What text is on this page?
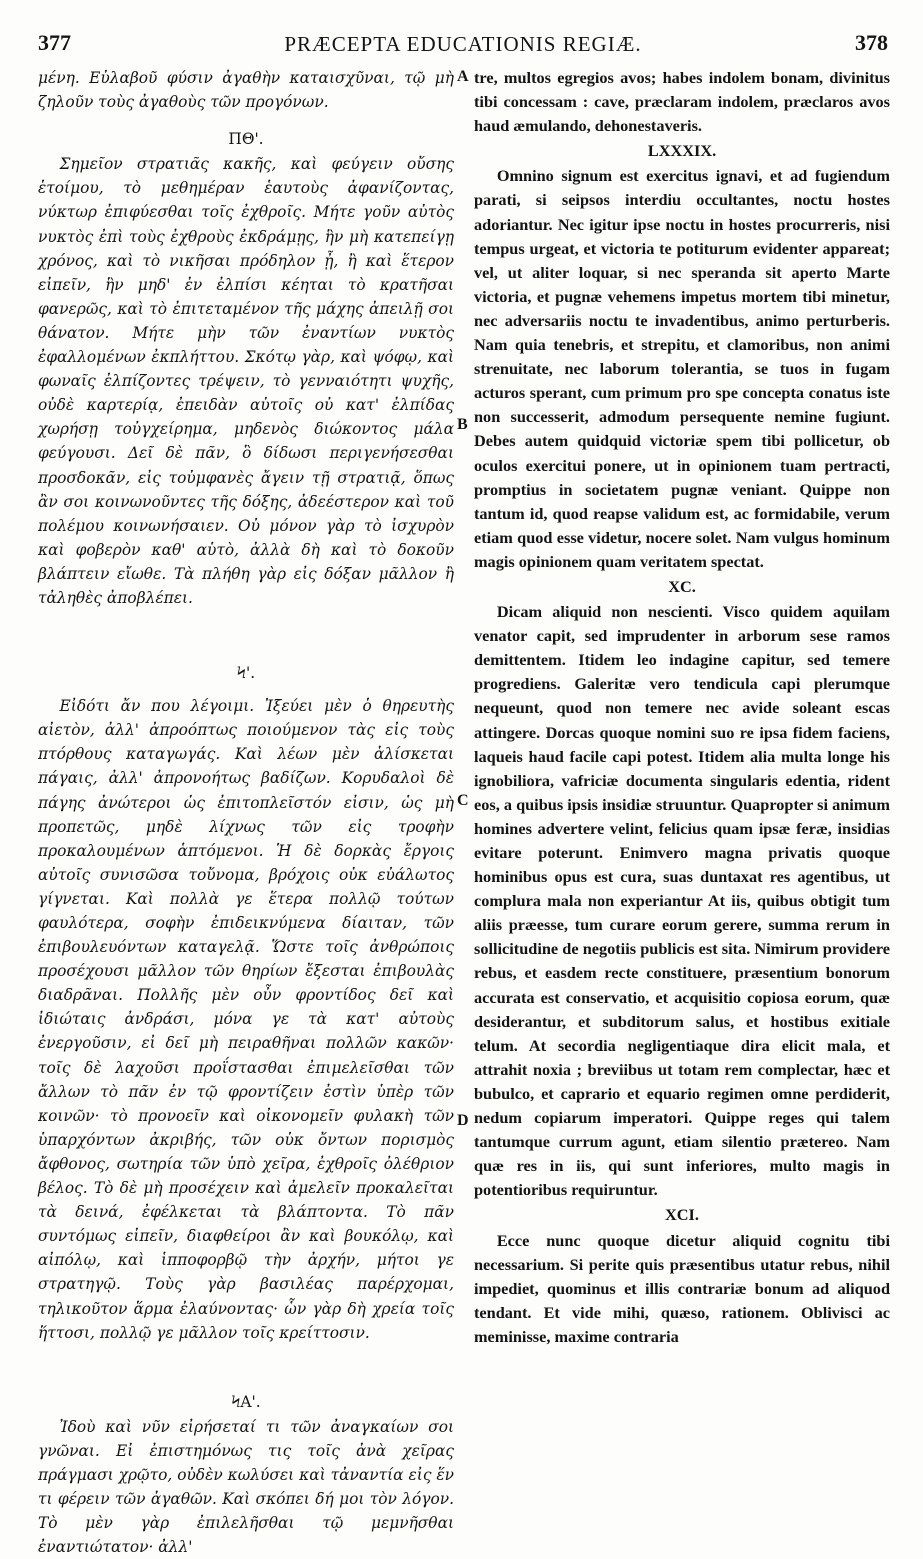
377	PRÆCEPTA EDUCATIONIS REGIÆ.	378

μένη. Εὐλαβοῦ φύσιν ἀγαθὴν καταισχῦναι, τῷ μὴ ζηλοῦν τοὺς ἀγαθοὺς τῶν προγόνων.

ΠΘ'.

Σημεῖον στρατιᾶς κακῆς, καὶ φεύγειν οὔσης ἑτοίμου, τὸ μεθημέραν ἑαυτοὺς ἀφανίζοντας, νύκτωρ ἐπιφύεσθαι τοῖς ἐχθροῖς. Μήτε γοῦν αὐτὸς νυκτὸς ἐπὶ τοὺς ἐχθροὺς ἐκδράμῃς, ἣν μὴ κατεπείγῃ χρόνος, καὶ τὸ νικῆσαι πρόδηλον ᾖ, ἢ καὶ ἕτερον εἰπεῖν, ἣν μηδ' ἐν ἐλπίσι κέηται τὸ κρατῆσαι φανερῶς, καὶ τὸ ἐπιτεταμένον τῆς μάχης ἀπειλῇ σοι θάνατον. Μήτε μὴν τῶν ἐναντίων νυκτὸς ἐφαλλομένων ἐκπλήττου. Σκότῳ γὰρ, καὶ ψόφῳ, καὶ φωναῖς ἐλπίζοντες τρέψειν, τὸ γενναιότητι ψυχῆς, οὐδὲ καρτερίᾳ, ἐπειδὰν αὐτοῖς οὐ κατ' ἐλπίδας χωρήσῃ τοὐγχείρημα, μηδενὸς διώκοντος μάλα φεύγουσι. Δεῖ δὲ πᾶν, ὃ δίδωσι περιγενήσεσθαι προσδοκᾶν, εἰς τοὐμφανὲς ἄγειν τῇ στρατιᾷ, ὅπως ἂν σοι κοινωνοῦντες τῆς δόξης, ἀδεέστερον καὶ τοῦ πολέμου κοινωνήσαιεν. Οὐ μόνον γὰρ τὸ ἰσχυρὸν καὶ φοβερὸν καθ' αὑτὸ, ἀλλὰ δὴ καὶ τὸ δοκοῦν βλάπτειν εἴωθε. Τὰ πλήθη γὰρ εἰς δόξαν μᾶλλον ἢ τἀληθὲς ἀποβλέπει.

Ϟ'.

Εἰδότι ἄν που λέγοιμι. Ἰξεύει μὲν ὁ θηρευτὴς αἰετὸν, ἀλλ' ἀπροόπτως ποιούμενον τὰς εἰς τοὺς πτόρθους καταγωγάς. Καὶ λέων μὲν ἁλίσκεται πάγαις, ἀλλ' ἀπρονοήτως βαδίζων. Κορυδαλοὶ δὲ πάγης ἀνώτεροι ὡς ἐπιτοπλεῖστόν εἰσιν, ὡς μὴ προπετῶς, μηδὲ λίχνως τῶν εἰς τροφὴν προκαλουμένων ἁπτόμενοι. Ἡ δὲ δορκὰς ἔργοις αὐτοῖς συνισῶσα τοὔνομα, βρόχοις οὐκ εὐάλωτος γίγνεται. Καὶ πολλὰ γε ἕτερα πολλῷ τούτων φαυλότερα, σοφὴν ἐπιδεικνύμενα δίαιταν, τῶν ἐπιβουλευόντων καταγελᾷ. Ὥστε τοῖς ἀνθρώποις προσέχουσι μᾶλλον τῶν θηρίων ἔξεσται ἐπιβουλὰς διαδρᾶναι. Πολλῆς μὲν οὖν φροντίδος δεῖ καὶ ἰδιώταις ἀνδράσι, μόνα γε τὰ κατ' αὐτοὺς ἐνεργοῦσιν, εἰ δεῖ μὴ πειραθῆναι πολλῶν κακῶν· τοῖς δὲ λαχοῦσι προΐστασθαι ἐπιμελεῖσθαι τῶν ἄλλων τὸ πᾶν ἐν τῷ φροντίζειν ἐστὶν ὑπὲρ τῶν κοινῶν· τὸ προνοεῖν καὶ οἰκονομεῖν φυλακὴ τῶν ὑπαρχόντων ἀκριβής, τῶν οὐκ ὄντων πορισμὸς ἄφθονος, σωτηρία τῶν ὑπὸ χεῖρα, ἐχθροῖς ὀλέθριον βέλος. Τὸ δὲ μὴ προσέχειν καὶ ἀμελεῖν προκαλεῖται τὰ δεινά, ἐφέλκεται τὰ βλάπτοντα. Τὸ πᾶν συντόμως εἰπεῖν, διαφθείροι ἂν καὶ βουκόλῳ, καὶ αἰπόλῳ, καὶ ἱπποφορβῷ τὴν ἀρχήν, μήτοι γε στρατηγῷ. Τοὺς γὰρ βασιλέας παρέρχομαι, τηλικοῦτον ἅρμα ἐλαύνοντας· ὧν γὰρ δὴ χρεία τοῖς ἥττοσι, πολλῷ γε μᾶλλον τοῖς κρείττοσιν.

ϞΑ'.

Ἰδοὺ καὶ νῦν εἰρήσεταί τι τῶν ἀναγκαίων σοι γνῶναι. Εἰ ἐπιστημόνως τις τοῖς ἀνὰ χεῖρας πράγμασι χρῷτο, οὐδὲν κωλύσει καὶ τἀναντία εἰς ἕν τι φέρειν τῶν ἀγαθῶν. Καὶ σκόπει δή μοι τὸν λόγον. Τὸ μὲν γὰρ ἐπιλελῆσθαι τῷ μεμνῆσθαι ἐναντιώτατον· ἀλλ'

tre, multos egregios avos; habes indolem bonam, divinitus tibi concessam : cave, præclaram indolem, præclaros avos haud æmulando, dehonestaveris.

LXXXIX.

Omnino signum est exercitus ignavi, et ad fugiendum parati, si seipsos interdiu occultantes, noctu hostes adoriantur. Nec igitur ipse noctu in hostes procurreris, nisi tempus urgeat, et victoria te potiturum evidenter appareat; vel, ut aliter loquar, si nec speranda sit aperto Marte victoria, et pugnæ vehemens impetus mortem tibi minetur, nec adversariis noctu te invadentibus, animo perturberis. Nam quia tenebris, et strepitu, et clamoribus, non animi strenuitate, nec laborum tolerantia, se tuos in fugam acturos sperant, cum primum pro spe concepta conatus iste non successerit, admodum persequente nemine fugiunt. Debes autem quidquid victoriæ spem tibi pollicetur, ob oculos exercitui ponere, ut in opinionem tuam pertracti, promptius in societatem pugnæ veniant. Quippe non tantum id, quod reapse validum est, ac formidabile, verum etiam quod esse videtur, nocere solet. Nam vulgus hominum magis opinionem quam veritatem spectat.

XC.

Dicam aliquid non nescienti. Visco quidem aquilam venator capit, sed imprudenter in arborum sese ramos demittentem. Itidem leo indagine capitur, sed temere progrediens. Galeritæ vero tendicula capi plerumque nequeunt, quod non temere nec avide soleant escas attingere. Dorcas quoque nomini suo re ipsa fidem faciens, laqueis haud facile capi potest. Itidem alia multa longe his ignobiliora, vafriciæ documenta singularis edentia, rident eos, a quibus ipsis insidiæ struuntur. Quapropter si animum homines advertere velint, felicius quam ipsæ feræ, insidias evitare poterunt. Enimvero magna privatis quoque hominibus opus est cura, suas duntaxat res agentibus, ut complura mala non experiantur At iis, quibus obtigit tum aliis præesse, tum curare eorum gerere, summa rerum in sollicitudine de negotiis publicis est sita. Nimirum providere rebus, et easdem recte constituere, præsentium bonorum accurata est conservatio, et acquisitio copiosa eorum, quæ desiderantur, et subditorum salus, et hostibus exitiale telum. At secordia negligentiaque dira elicit mala, et attrahit noxia ; breviibus ut totam rem complectar, hæc et bubulco, et caprario et equario regimen omne perdiderit, nedum copiarum imperatori. Quippe reges qui talem tantumque currum agunt, etiam silentio prætereo. Nam quæ res in iis, qui sunt inferiores, multo magis in potentioribus requiruntur.

XCI.

Ecce nunc quoque dicetur aliquid cognitu tibi necessarium. Si perite quis præsentibus utatur rebus, nihil impediet, quominus et illis contrariæ bonum ad aliquod tendant. Et vide mihi, quæso, rationem. Oblivisci ac meminisse, maxime contraria

A
B
C
D
